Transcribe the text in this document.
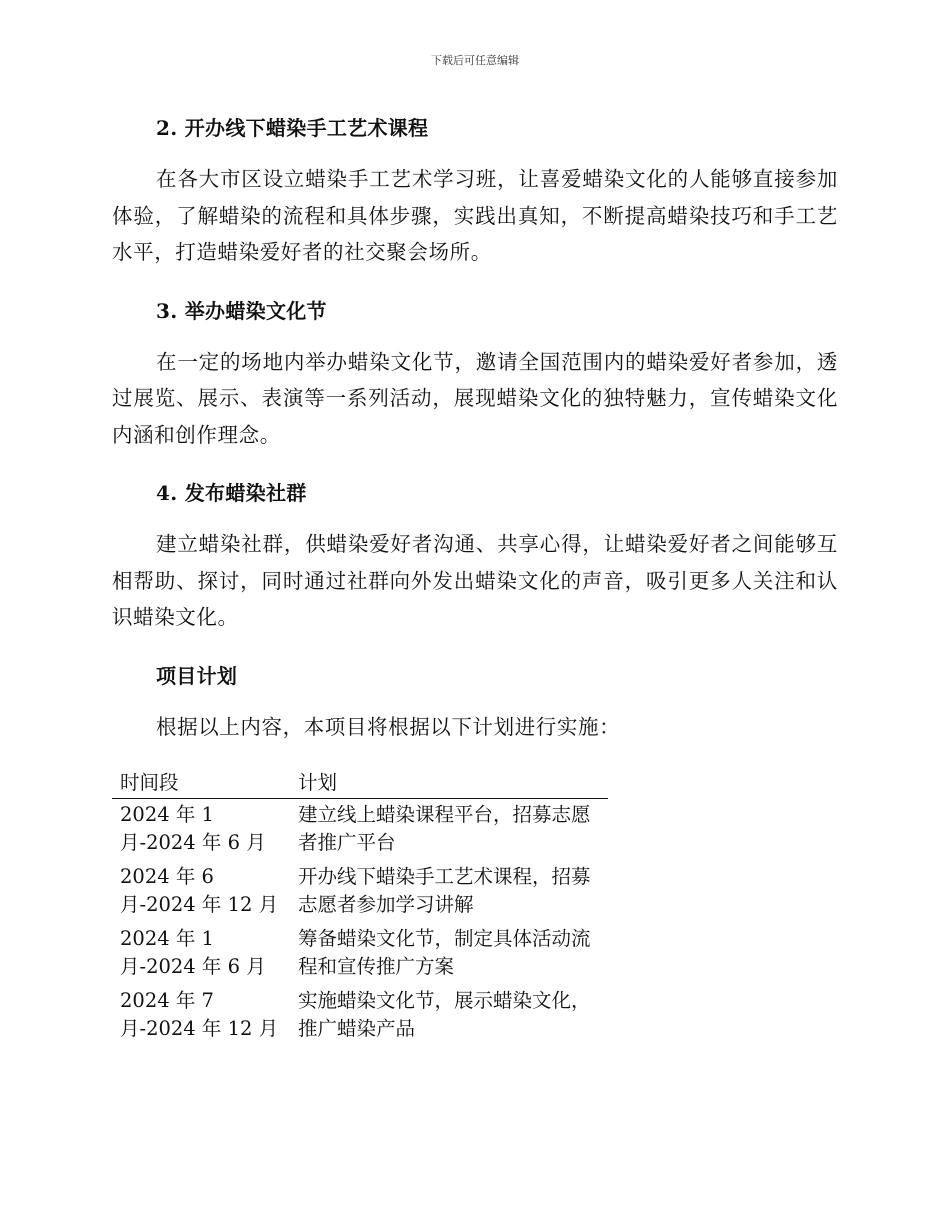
下载后可任意编辑
2. 开办线下蜡染手工艺术课程

在各大市区设立蜡染手工艺术学习班，让喜爱蜡染文化的人能够直接参加体验，了解蜡染的流程和具体步骤，实践出真知，不断提高蜡染技巧和手工艺水平，打造蜡染爱好者的社交聚会场所。

3. 举办蜡染文化节

在一定的场地内举办蜡染文化节，邀请全国范围内的蜡染爱好者参加，透过展览、展示、表演等一系列活动，展现蜡染文化的独特魅力，宣传蜡染文化内涵和创作理念。

4. 发布蜡染社群

建立蜡染社群，供蜡染爱好者沟通、共享心得，让蜡染爱好者之间能够互相帮助、探讨，同时通过社群向外发出蜡染文化的声音，吸引更多人关注和认识蜡染文化。

项目计划

根据以上内容，本项目将根据以下计划进行实施：

时间段	计划
2024 年 1 月-2024 年 6 月	建立线上蜡染课程平台，招募志愿者推广平台
2024 年 6 月-2024 年 12 月	开办线下蜡染手工艺术课程，招募志愿者参加学习讲解
2024 年 1 月-2024 年 6 月	筹备蜡染文化节，制定具体活动流程和宣传推广方案
2024 年 7 月-2024 年 12 月	实施蜡染文化节，展示蜡染文化，推广蜡染产品
